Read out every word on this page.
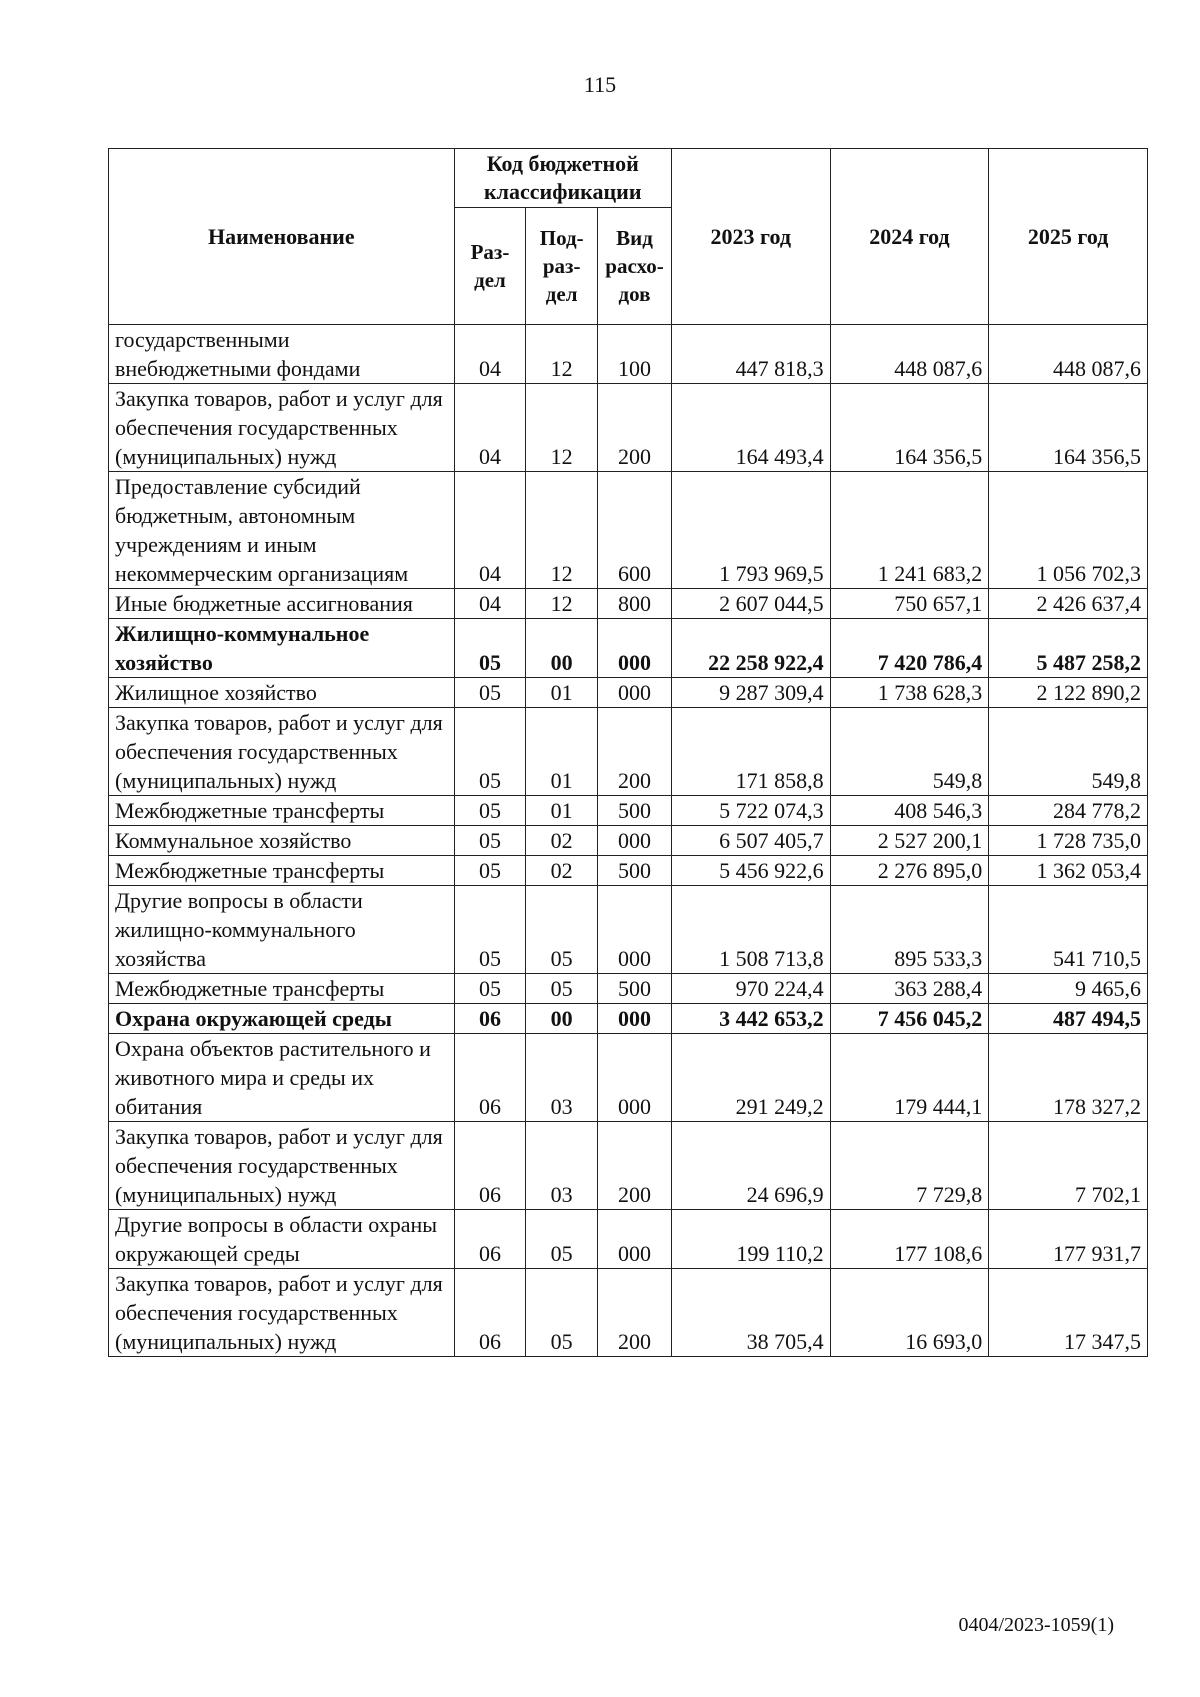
115
Наименование	Код бюджетной классификации			2023 год	2024 год	2025 год
	Раз-дел	Под-раз-дел	Вид расхо-дов			
государственными внебюджетными фондами	04	12	100	447 818,3	448 087,6	448 087,6
Закупка товаров, работ и услуг для обеспечения государственных (муниципальных) нужд	04	12	200	164 493,4	164 356,5	164 356,5
Предоставление субсидий бюджетным, автономным учреждениям и иным некоммерческим организациям	04	12	600	1 793 969,5	1 241 683,2	1 056 702,3
Иные бюджетные ассигнования	04	12	800	2 607 044,5	750 657,1	2 426 637,4
Жилищно-коммунальное хозяйство	05	00	000	22 258 922,4	7 420 786,4	5 487 258,2
Жилищное хозяйство	05	01	000	9 287 309,4	1 738 628,3	2 122 890,2
Закупка товаров, работ и услуг для обеспечения государственных (муниципальных) нужд	05	01	200	171 858,8	549,8	549,8
Межбюджетные трансферты	05	01	500	5 722 074,3	408 546,3	284 778,2
Коммунальное хозяйство	05	02	000	6 507 405,7	2 527 200,1	1 728 735,0
Межбюджетные трансферты	05	02	500	5 456 922,6	2 276 895,0	1 362 053,4
Другие вопросы в области жилищно-коммунального хозяйства	05	05	000	1 508 713,8	895 533,3	541 710,5
Межбюджетные трансферты	05	05	500	970 224,4	363 288,4	9 465,6
Охрана окружающей среды	06	00	000	3 442 653,2	7 456 045,2	487 494,5
Охрана объектов растительного и животного мира и среды их обитания	06	03	000	291 249,2	179 444,1	178 327,2
Закупка товаров, работ и услуг для обеспечения государственных (муниципальных) нужд	06	03	200	24 696,9	7 729,8	7 702,1
Другие вопросы в области охраны окружающей среды	06	05	000	199 110,2	177 108,6	177 931,7
Закупка товаров, работ и услуг для обеспечения государственных (муниципальных) нужд	06	05	200	38 705,4	16 693,0	17 347,5
0404/2023-1059(1)
